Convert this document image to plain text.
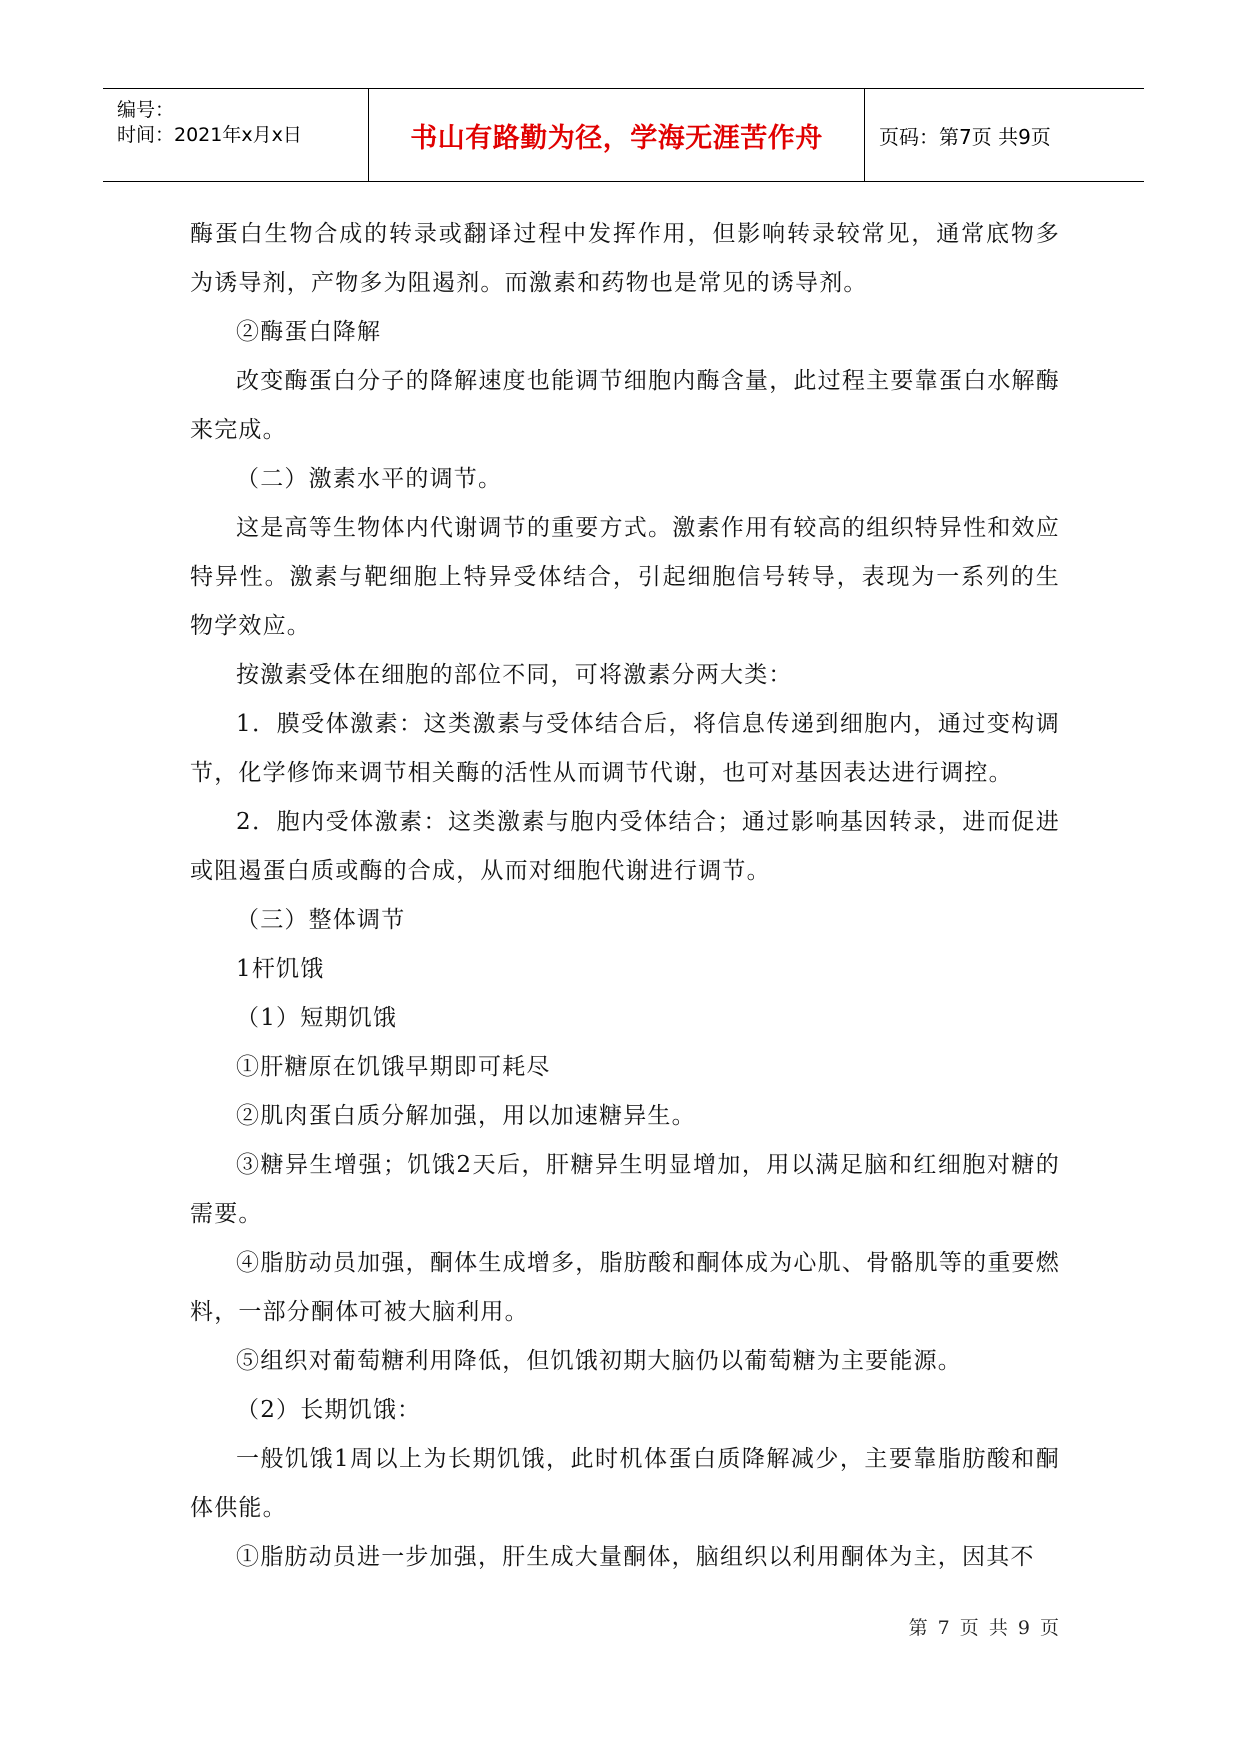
编号：
时间：2021年x月x日	书山有路勤为径，学海无涯苦作舟	页码：第7页 共9页

酶蛋白生物合成的转录或翻译过程中发挥作用，但影响转录较常见，通常底物多为诱导剂，产物多为阻遏剂。而激素和药物也是常见的诱导剂。

②酶蛋白降解

改变酶蛋白分子的降解速度也能调节细胞内酶含量，此过程主要靠蛋白水解酶来完成。

（二）激素水平的调节。

这是高等生物体内代谢调节的重要方式。激素作用有较高的组织特异性和效应特异性。激素与靶细胞上特异受体结合，引起细胞信号转导，表现为一系列的生物学效应。

按激素受体在细胞的部位不同，可将激素分两大类：

1．膜受体激素：这类激素与受体结合后，将信息传递到细胞内，通过变构调节，化学修饰来调节相关酶的活性从而调节代谢，也可对基因表达进行调控。

2．胞内受体激素：这类激素与胞内受体结合；通过影响基因转录，进而促进或阻遏蛋白质或酶的合成，从而对细胞代谢进行调节。

（三）整体调节

1杆饥饿

（1）短期饥饿

①肝糖原在饥饿早期即可耗尽

②肌肉蛋白质分解加强，用以加速糖异生。

③糖异生增强；饥饿2天后，肝糖异生明显增加，用以满足脑和红细胞对糖的需要。

④脂肪动员加强，酮体生成增多，脂肪酸和酮体成为心肌、骨骼肌等的重要燃料，一部分酮体可被大脑利用。

⑤组织对葡萄糖利用降低，但饥饿初期大脑仍以葡萄糖为主要能源。

（2）长期饥饿：

一般饥饿1周以上为长期饥饿，此时机体蛋白质降解减少，主要靠脂肪酸和酮体供能。

①脂肪动员进一步加强，肝生成大量酮体，脑组织以利用酮体为主，因其不

第 7 页 共 9 页
